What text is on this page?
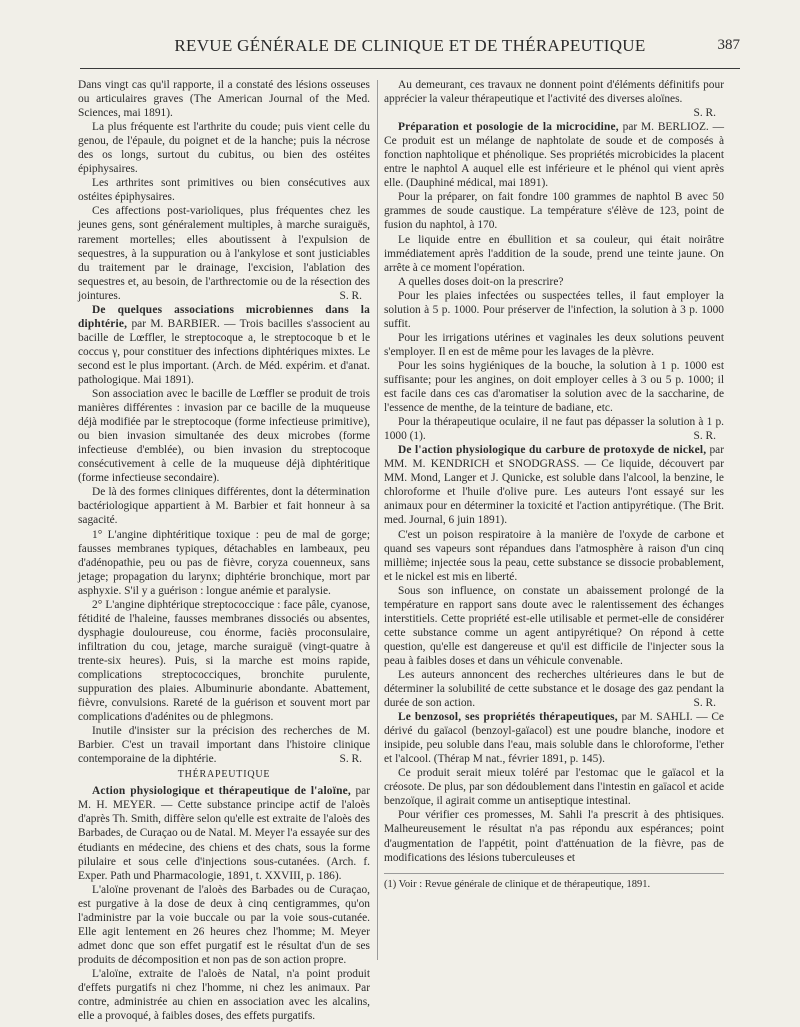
REVUE GÉNÉRALE DE CLINIQUE ET DE THÉRAPEUTIQUE	387

Dans vingt cas qu'il rapporte, il a constaté des lésions osseuses ou articulaires graves (The American Journal of the Med. Sciences, mai 1891).

La plus fréquente est l'arthrite du coude; puis vient celle du genou, de l'épaule, du poignet et de la hanche; puis la nécrose des os longs, surtout du cubitus, ou bien des ostéites épiphysaires.

Les arthrites sont primitives ou bien consécutives aux ostéites épiphysaires.

Ces affections post-varioliques, plus fréquentes chez les jeunes gens, sont généralement multiples, à marche suraiguës, rarement mortelles; elles aboutissent à l'expulsion de sequestres, à la suppuration ou à l'ankylose et sont justiciables du traitement par le drainage, l'excision, l'ablation des sequestres et, au besoin, de l'arthrectomie ou de la résection des jointures.	S. R.

De quelques associations microbiennes dans la diphtérie, par M. BARBIER. — Trois bacilles s'associent au bacille de Lœffler, le streptocoque a, le streptocoque b et le coccus γ, pour constituer des infections diphtériques mixtes. Le second est le plus important. (Arch. de Méd. expérim. et d'anat. pathologique. Mai 1891).

Son association avec le bacille de Lœffler se produit de trois manières différentes : invasion par ce bacille de la muqueuse déjà modifiée par le streptocoque (forme infectieuse primitive), ou bien invasion simultanée des deux microbes (forme infectieuse d'emblée), ou bien invasion du streptocoque consécutivement à celle de la muqueuse déjà diphtéritique (forme infectieuse secondaire).

De là des formes cliniques différentes, dont la détermination bactériologique appartient à M. Barbier et fait honneur à sa sagacité.

1° L'angine diphtéritique toxique : peu de mal de gorge; fausses membranes typiques, détachables en lambeaux, peu d'adénopathie, peu ou pas de fièvre, coryza couenneux, sans jetage; propagation du larynx; diphtérie bronchique, mort par asphyxie. S'il y a guérison : longue anémie et paralysie.

2° L'angine diphtérique streptococcique : face pâle, cyanose, fétidité de l'haleine, fausses membranes dissociés ou absentes, dysphagie douloureuse, cou énorme, faciès proconsulaire, infiltration du cou, jetage, marche suraiguë (vingt-quatre à trente-six heures). Puis, si la marche est moins rapide, complications streptococciques, bronchite purulente, suppuration des plaies. Albuminurie abondante. Abattement, fièvre, convulsions. Rareté de la guérison et souvent mort par complications d'adénites ou de phlegmons.

Inutile d'insister sur la précision des recherches de M. Barbier. C'est un travail important dans l'histoire clinique contemporaine de la diphtérie.	S. R.

THÉRAPEUTIQUE

Action physiologique et thérapeutique de l'aloïne, par M. H. MEYER. — Cette substance principe actif de l'aloès d'après Th. Smith, diffère selon qu'elle est extraite de l'aloès des Barbades, de Curaçao ou de Natal. M. Meyer l'a essayée sur des étudiants en médecine, des chiens et des chats, sous la forme pilulaire et sous celle d'injections sous-cutanées. (Arch. f. Exper. Path und Pharmacologie, 1891, t. XXVIII, p. 186).

L'aloïne provenant de l'aloès des Barbades ou de Curaçao, est purgative à la dose de deux à cinq centigrammes, qu'on l'administre par la voie buccale ou par la voie sous-cutanée. Elle agit lentement en 26 heures chez l'homme; M. Meyer admet donc que son effet purgatif est le résultat d'un de ses produits de décomposition et non pas de son action propre.

L'aloïne, extraite de l'aloès de Natal, n'a point produit d'effets purgatifs ni chez l'homme, ni chez les animaux. Par contre, administrée au chien en association avec les alcalins, elle a provoqué, à faibles doses, des effets purgatifs.

Au demeurant, ces travaux ne donnent point d'éléments définitifs pour apprécier la valeur thérapeutique et l'activité des diverses aloïnes.
S. R.

Préparation et posologie de la microcidine, par M. BERLIOZ. — Ce produit est un mélange de naphtolate de soude et de composés à fonction naphtolique et phénolique. Ses propriétés microbicides la placent entre le naphtol A auquel elle est inférieure et le phénol qui vient après elle. (Dauphiné médical, mai 1891).

Pour la préparer, on fait fondre 100 grammes de naphtol B avec 50 grammes de soude caustique. La température s'élève de 123, point de fusion du naphtol, à 170.

Le liquide entre en ébullition et sa couleur, qui était noirâtre immédiatement après l'addition de la soude, prend une teinte jaune. On arrête à ce moment l'opération.

A quelles doses doit-on la prescrire?

Pour les plaies infectées ou suspectées telles, il faut employer la solution à 5 p. 1000. Pour préserver de l'infection, la solution à 3 p. 1000 suffit.

Pour les irrigations utérines et vaginales les deux solutions peuvent s'employer. Il en est de même pour les lavages de la plèvre.

Pour les soins hygiéniques de la bouche, la solution à 1 p. 1000 est suffisante; pour les angines, on doit employer celles à 3 ou 5 p. 1000; il est facile dans ces cas d'aromatiser la solution avec de la saccharine, de l'essence de menthe, de la teinture de badiane, etc.

Pour la thérapeutique oculaire, il ne faut pas dépasser la solution à 1 p. 1000 (1).	S. R.

De l'action physiologique du carbure de protoxyde de nickel, par MM. M. KENDRICH et SNODGRASS. — Ce liquide, découvert par MM. Mond, Langer et J. Qunicke, est soluble dans l'alcool, la benzine, le chloroforme et l'huile d'olive pure. Les auteurs l'ont essayé sur les animaux pour en déterminer la toxicité et l'action antipyrétique. (The Brit. med. Journal, 6 juin 1891).

C'est un poison respiratoire à la manière de l'oxyde de carbone et quand ses vapeurs sont répandues dans l'atmosphère à raison d'un cinq millième; injectée sous la peau, cette substance se dissocie probablement, et le nickel est mis en liberté.

Sous son influence, on constate un abaissement prolongé de la température en rapport sans doute avec le ralentissement des échanges interstitiels. Cette propriété est-elle utilisable et permet-elle de considérer cette substance comme un agent antipyrétique? On répond à cette question, qu'elle est dangereuse et qu'il est difficile de l'injecter sous la peau à faibles doses et dans un véhicule convenable.

Les auteurs annoncent des recherches ultérieures dans le but de déterminer la solubilité de cette substance et le dosage des gaz pendant la durée de son action.	S. R.

Le benzosol, ses propriétés thérapeutiques, par M. SAHLI. — Ce dérivé du gaïacol (benzoyl-gaïacol) est une poudre blanche, inodore et insipide, peu soluble dans l'eau, mais soluble dans le chloroforme, l'ether et l'alcool. (Thérap M nat., février 1891, p. 145).

Ce produit serait mieux toléré par l'estomac que le gaïacol et la créosote. De plus, par son dédoublement dans l'intestin en gaïacol et acide benzoïque, il agirait comme un antiseptique intestinal.

Pour vérifier ces promesses, M. Sahli l'a prescrit à des phtisiques. Malheureusement le résultat n'a pas répondu aux espérances; point d'augmentation de l'appétit, point d'atténuation de la fièvre, pas de modifications des lésions tuberculeuses et

(1) Voir : Revue générale de clinique et de thérapeutique, 1891.
